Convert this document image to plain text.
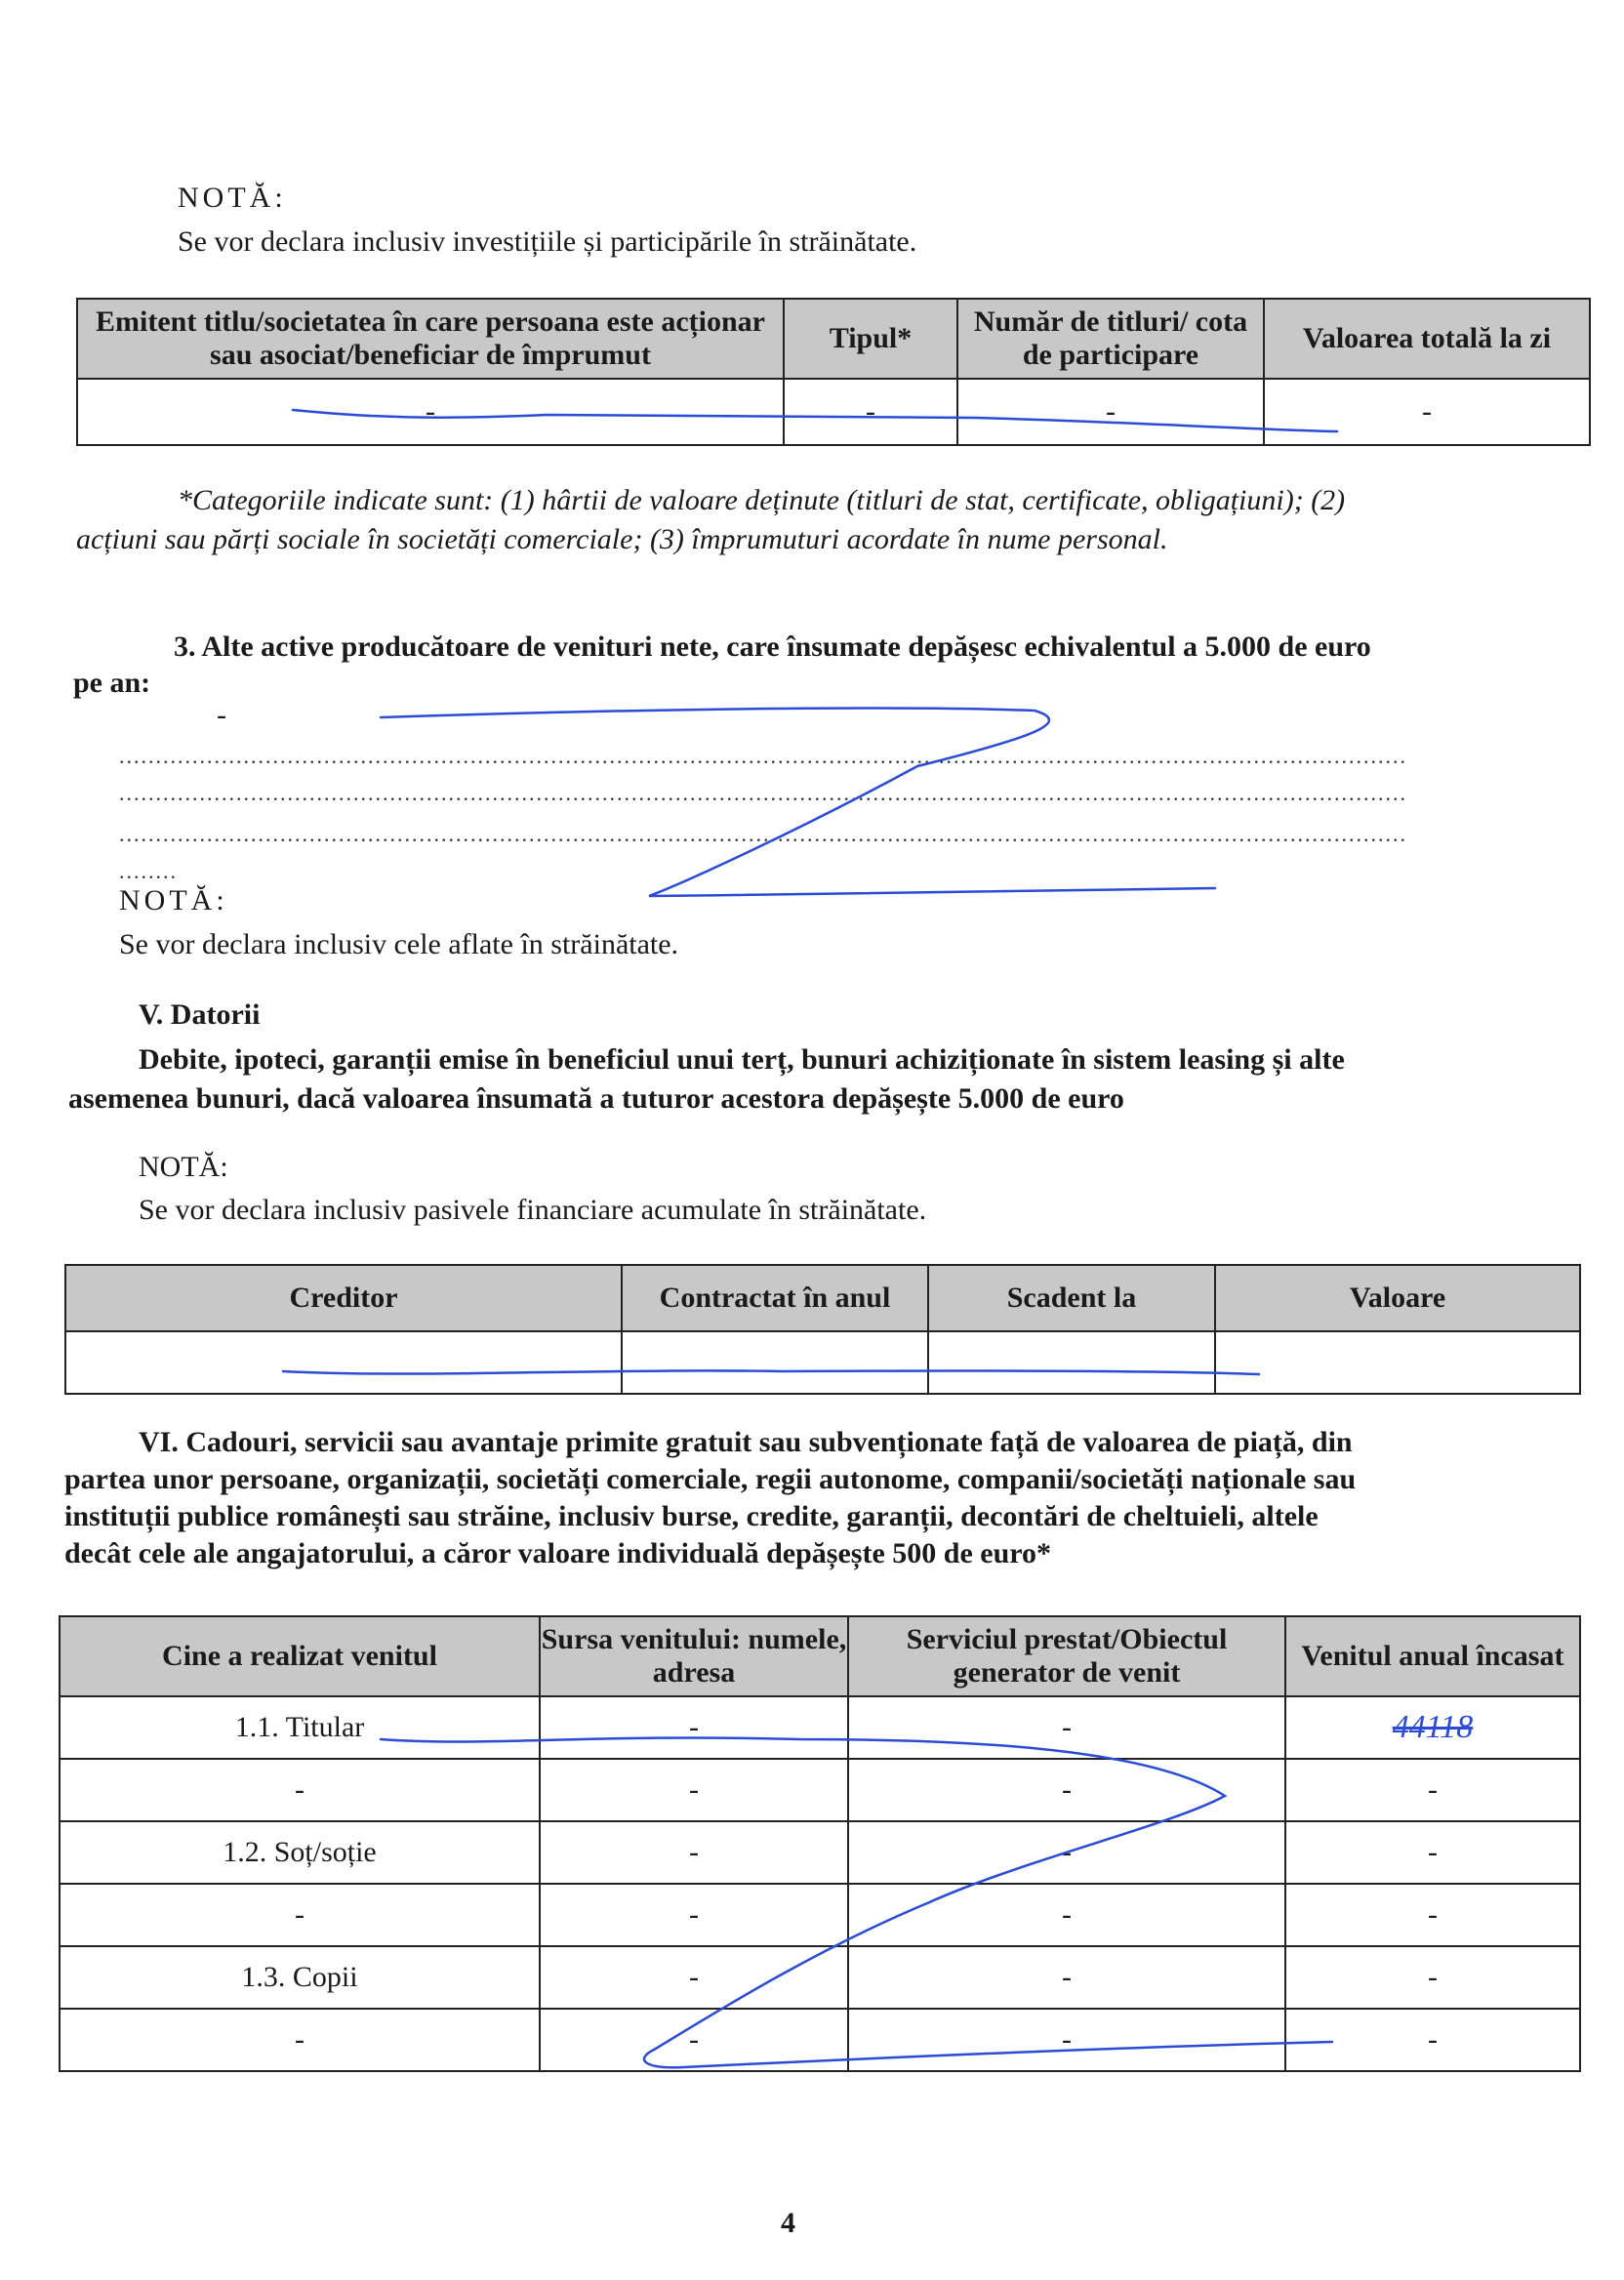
NOTĂ:
Se vor declara inclusiv investițiile și participările în străinătate.
Emitent titlu/societatea în care persoana este acționar sau asociat/beneficiar de împrumut	Tipul*	Număr de titluri/ cota de participare	Valoarea totală la zi
-	-	-	-
*Categoriile indicate sunt: (1) hârtii de valoare deținute (titluri de stat, certificate, obligațiuni); (2)
acțiuni sau părți sociale în societăți comerciale; (3) împrumuturi acordate în nume personal.
3. Alte active producătoare de venituri nete, care însumate depășesc echivalentul a 5.000 de euro
pe an:
-
................................................................................................................................................................................
................................................................................................................................................................................
................................................................................................................................................................................
........
NOTĂ:
Se vor declara inclusiv cele aflate în străinătate.
V. Datorii
Debite, ipoteci, garanții emise în beneficiul unui terț, bunuri achiziționate în sistem leasing și alte
asemenea bunuri, dacă valoarea însumată a tuturor acestora depășește 5.000 de euro
NOTĂ:
Se vor declara inclusiv pasivele financiare acumulate în străinătate.
Creditor	Contractat în anul	Scadent la	Valoare

VI. Cadouri, servicii sau avantaje primite gratuit sau subvenționate față de valoarea de piață, din
partea unor persoane, organizații, societăți comerciale, regii autonome, companii/societăți naționale sau
instituții publice românești sau străine, inclusiv burse, credite, garanții, decontări de cheltuieli, altele
decât cele ale angajatorului, a căror valoare individuală depășește 500 de euro*
Cine a realizat venitul	Sursa venitului: numele, adresa	Serviciul prestat/Obiectul generator de venit	Venitul anual încasat
1.1. Titular	-	-	44118
-	-	-	-
1.2. Soț/soție	-	-	-
-	-	-	-
1.3. Copii	-	-	-
-	-	-	-
4
